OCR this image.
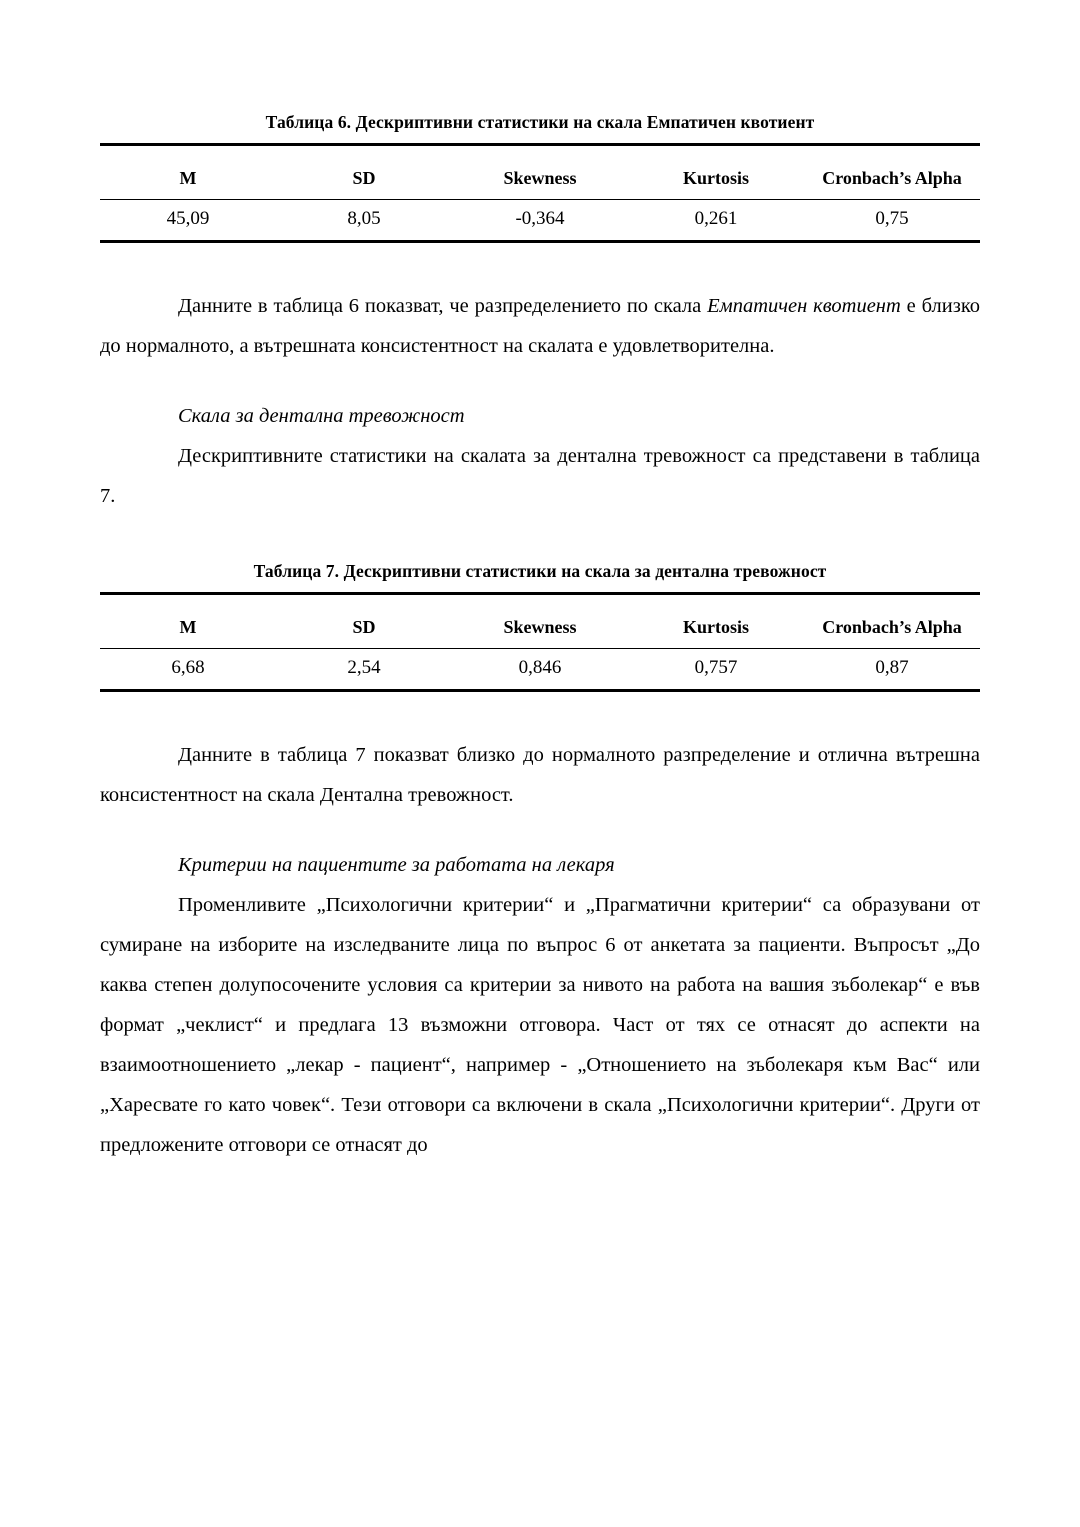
Таблица 6. Дескриптивни статистики на скала Емпатичен квотиент
M	SD	Skewness	Kurtosis	Cronbach’s Alpha
45,09	8,05	-0,364	0,261	0,75

Данните в таблица 6 показват, че разпределението по скала Емпатичен квотиент е близко до нормалното, а вътрешната консистентност на скалата е удовлетворителна.

Скала за дентална тревожност

Дескриптивните статистики на скалата за дентална тревожност са представени в таблица 7.

Таблица 7. Дескриптивни статистики на скала за дентална тревожност
M	SD	Skewness	Kurtosis	Cronbach’s Alpha
6,68	2,54	0,846	0,757	0,87

Данните в таблица 7 показват близко до нормалното разпределение и отлична вътрешна консистентност на скала Дентална тревожност.

Критерии на пациентите за работата на лекаря

Променливите „Психологични критерии“ и „Прагматични критерии“ са образувани от сумиране на изборите на изследваните лица по въпрос 6 от анкетата за пациенти. Въпросът „До каква степен долупосочените условия са критерии за нивото на работа на вашия зъболекар“ е във формат „чеклист“ и предлага 13 възможни отговора. Част от тях се отнасят до аспекти на взаимоотношението „лекар - пациент“, например - „Отношението на зъболекаря към Вас“ или „Харесвате го като човек“. Тези отговори са включени в скала „Психологични критерии“. Други от предложените отговори се отнасят до
